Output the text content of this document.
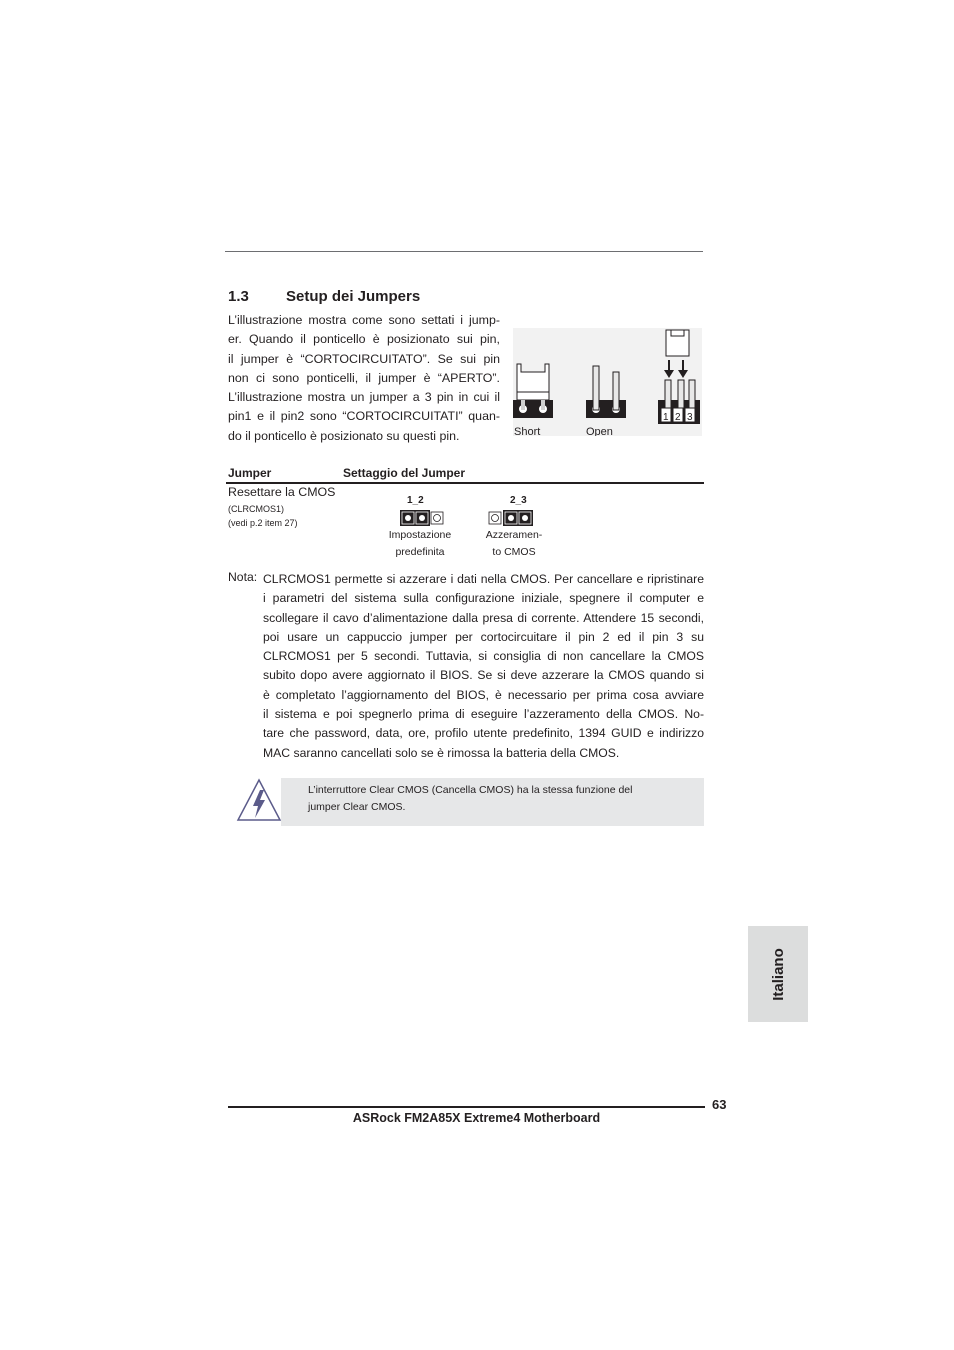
1.3 Setup dei Jumpers
L’illustrazione mostra come sono settati i jump-
er. Quando il ponticello è posizionato sui pin,
il jumper è “CORTOCIRCUITATO”. Se sui pin
non ci sono ponticelli, il jumper è “APERTO”.
L’illustrazione mostra un jumper a 3 pin in cui il
pin1 e il pin2 sono “CORTOCIRCUITATI” quan-
do il ponticello è posizionato su questi pin.
1 2 3
Short	Open
Jumper	Settaggio del Jumper
Resettare la CMOS
(CLRCMOS1)
(vedi p.2 item 27)
1_2
Impostazione
predefinita
2_3
Azzeramen-
to CMOS
Nota: CLRCMOS1 permette si azzerare i dati nella CMOS. Per cancellare e ripristinare
i parametri del sistema sulla configurazione iniziale, spegnere il computer e
scollegare il cavo d’alimentazione dalla presa di corrente. Attendere 15 secondi,
poi usare un cappuccio jumper per cortocircuitare il pin 2 ed il pin 3 su
CLRCMOS1 per 5 secondi. Tuttavia, si consiglia di non cancellare la CMOS
subito dopo avere aggiornato il BIOS. Se si deve azzerare la CMOS quando si
è completato l’aggiornamento del BIOS, è necessario per prima cosa avviare
il sistema e poi spegnerlo prima di eseguire l’azzeramento della CMOS. No-
tare che password, data, ore, profilo utente predefinito, 1394 GUID e indirizzo
MAC saranno cancellati solo se è rimossa la batteria della CMOS.
L’interruttore Clear CMOS (Cancella CMOS) ha la stessa funzione del
jumper Clear CMOS.
Italiano
63
ASRock FM2A85X Extreme4 Motherboard
